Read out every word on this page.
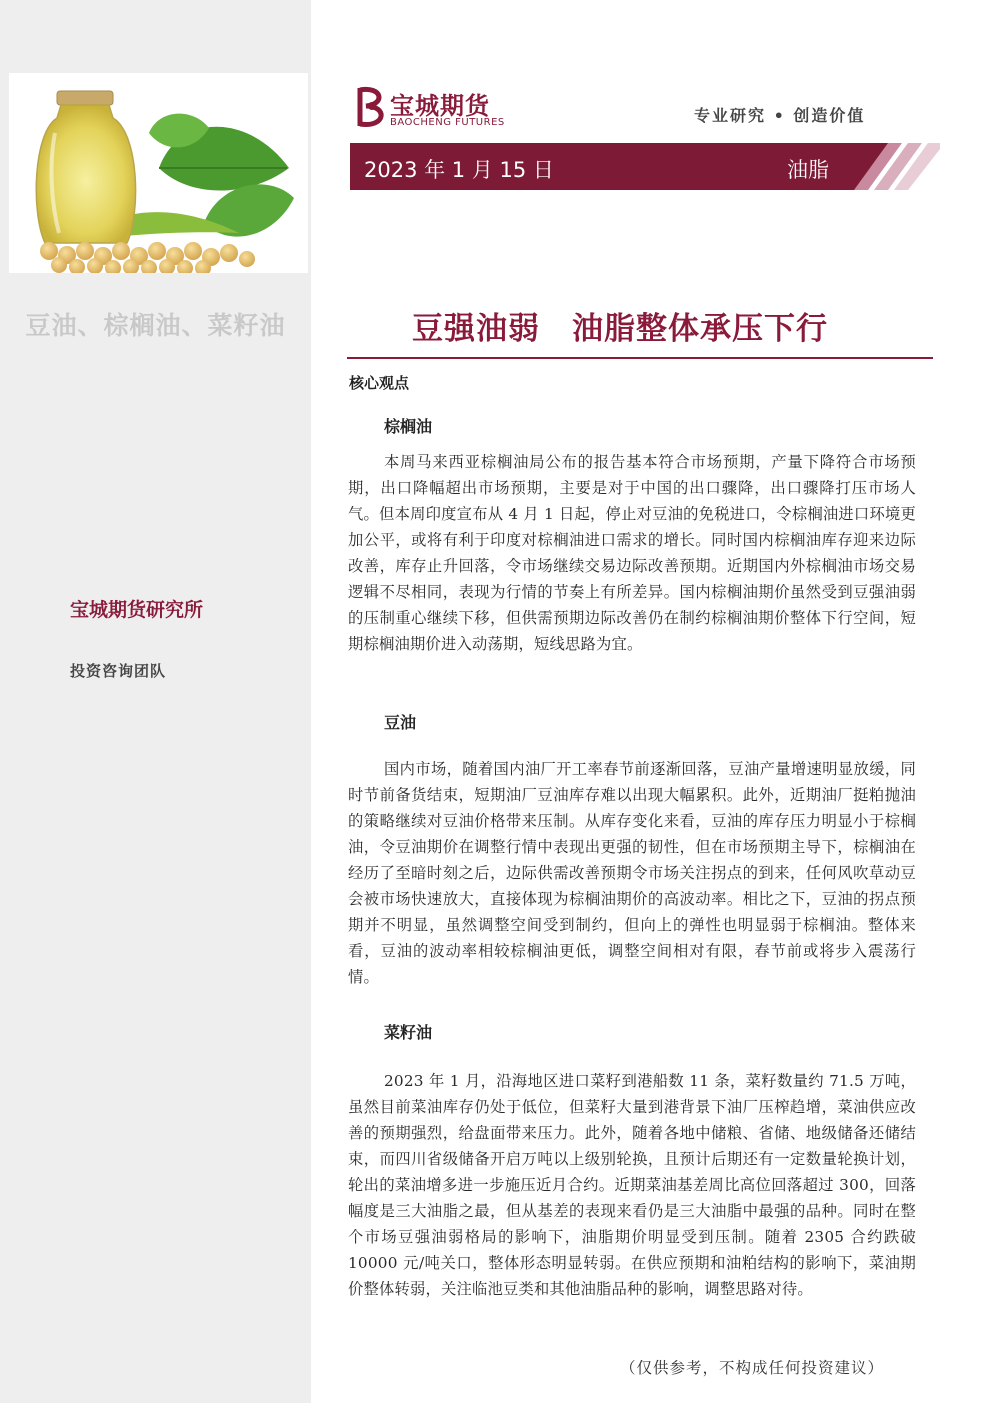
豆油、棕榈油、菜籽油
宝城期货研究所
投资咨询团队
宝城期货
BAOCHENG FUTURES	专业研究 • 创造价值
2023 年 1 月 15 日	油脂
豆强油弱　油脂整体承压下行
核心观点
棕榈油
本周马来西亚棕榈油局公布的报告基本符合市场预期，产量下降符合市场预期，出口降幅超出市场预期，主要是对于中国的出口骤降，出口骤降打压市场人气。但本周印度宣布从 4 月 1 日起，停止对豆油的免税进口，令棕榈油进口环境更加公平，或将有利于印度对棕榈油进口需求的增长。同时国内棕榈油库存迎来边际改善，库存止升回落，令市场继续交易边际改善预期。近期国内外棕榈油市场交易逻辑不尽相同，表现为行情的节奏上有所差异。国内棕榈油期价虽然受到豆强油弱的压制重心继续下移，但供需预期边际改善仍在制约棕榈油期价整体下行空间，短期棕榈油期价进入动荡期，短线思路为宜。
豆油
国内市场，随着国内油厂开工率春节前逐渐回落，豆油产量增速明显放缓，同时节前备货结束，短期油厂豆油库存难以出现大幅累积。此外，近期油厂挺粕抛油的策略继续对豆油价格带来压制。从库存变化来看，豆油的库存压力明显小于棕榈油，令豆油期价在调整行情中表现出更强的韧性，但在市场预期主导下，棕榈油在经历了至暗时刻之后，边际供需改善预期令市场关注拐点的到来，任何风吹草动豆会被市场快速放大，直接体现为棕榈油期价的高波动率。相比之下，豆油的拐点预期并不明显，虽然调整空间受到制约，但向上的弹性也明显弱于棕榈油。整体来看，豆油的波动率相较棕榈油更低，调整空间相对有限，春节前或将步入震荡行情。
菜籽油
2023 年 1 月，沿海地区进口菜籽到港船数 11 条，菜籽数量约 71.5 万吨，虽然目前菜油库存仍处于低位，但菜籽大量到港背景下油厂压榨趋增，菜油供应改善的预期强烈，给盘面带来压力。此外，随着各地中储粮、省储、地级储备还储结束，而四川省级储备开启万吨以上级别轮换，且预计后期还有一定数量轮换计划，轮出的菜油增多进一步施压近月合约。近期菜油基差周比高位回落超过 300，回落幅度是三大油脂之最，但从基差的表现来看仍是三大油脂中最强的品种。同时在整个市场豆强油弱格局的影响下，油脂期价明显受到压制。随着 2305 合约跌破 10000 元/吨关口，整体形态明显转弱。在供应预期和油粕结构的影响下，菜油期价整体转弱，关注临池豆类和其他油脂品种的影响，调整思路对待。
（仅供参考，不构成任何投资建议）
